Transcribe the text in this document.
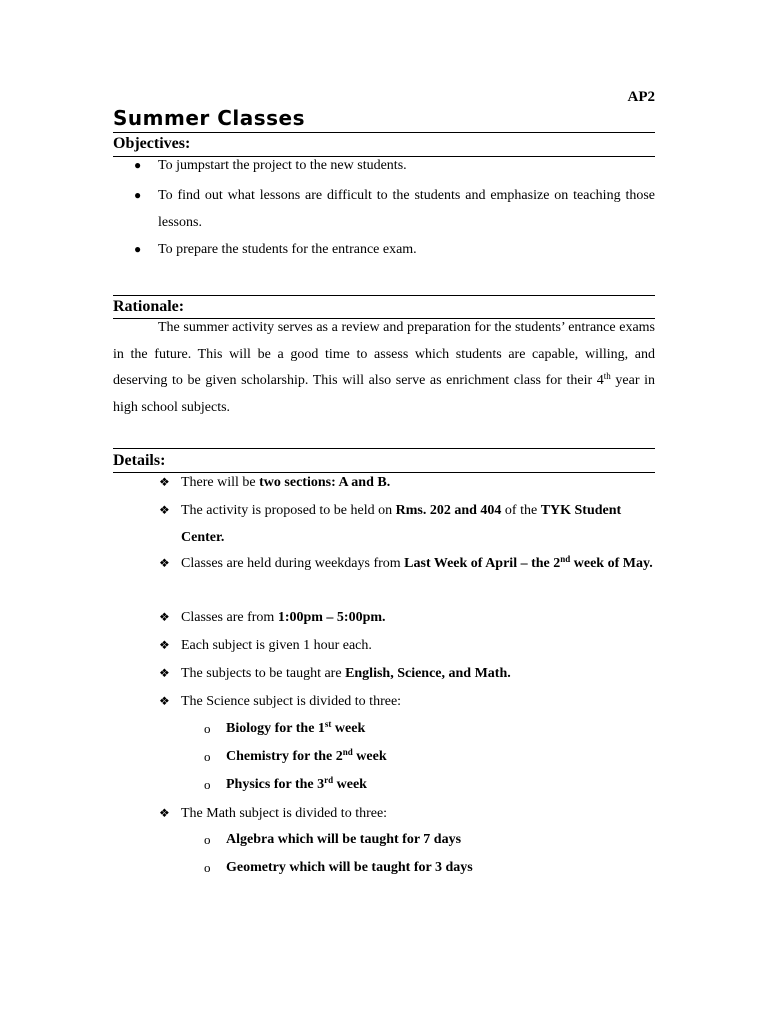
AP2
Summer Classes
Objectives:
● To jumpstart the project to the new students.
● To find out what lessons are difficult to the students and emphasize on teaching those lessons.
● To prepare the students for the entrance exam.
Rationale:
The summer activity serves as a review and preparation for the students’ entrance exams in the future. This will be a good time to assess which students are capable, willing, and deserving to be given scholarship. This will also serve as enrichment class for their 4th year in high school subjects.
Details:
❖ There will be two sections: A and B.
❖ The activity is proposed to be held on Rms. 202 and 404 of the TYK Student Center.
❖ Classes are held during weekdays from Last Week of April – the 2nd week of May.
❖ Classes are from 1:00pm – 5:00pm.
❖ Each subject is given 1 hour each.
❖ The subjects to be taught are English, Science, and Math.
❖ The Science subject is divided to three:
o Biology for the 1st week
o Chemistry for the 2nd week
o Physics for the 3rd week
❖ The Math subject is divided to three:
o Algebra which will be taught for 7 days
o Geometry which will be taught for 3 days
